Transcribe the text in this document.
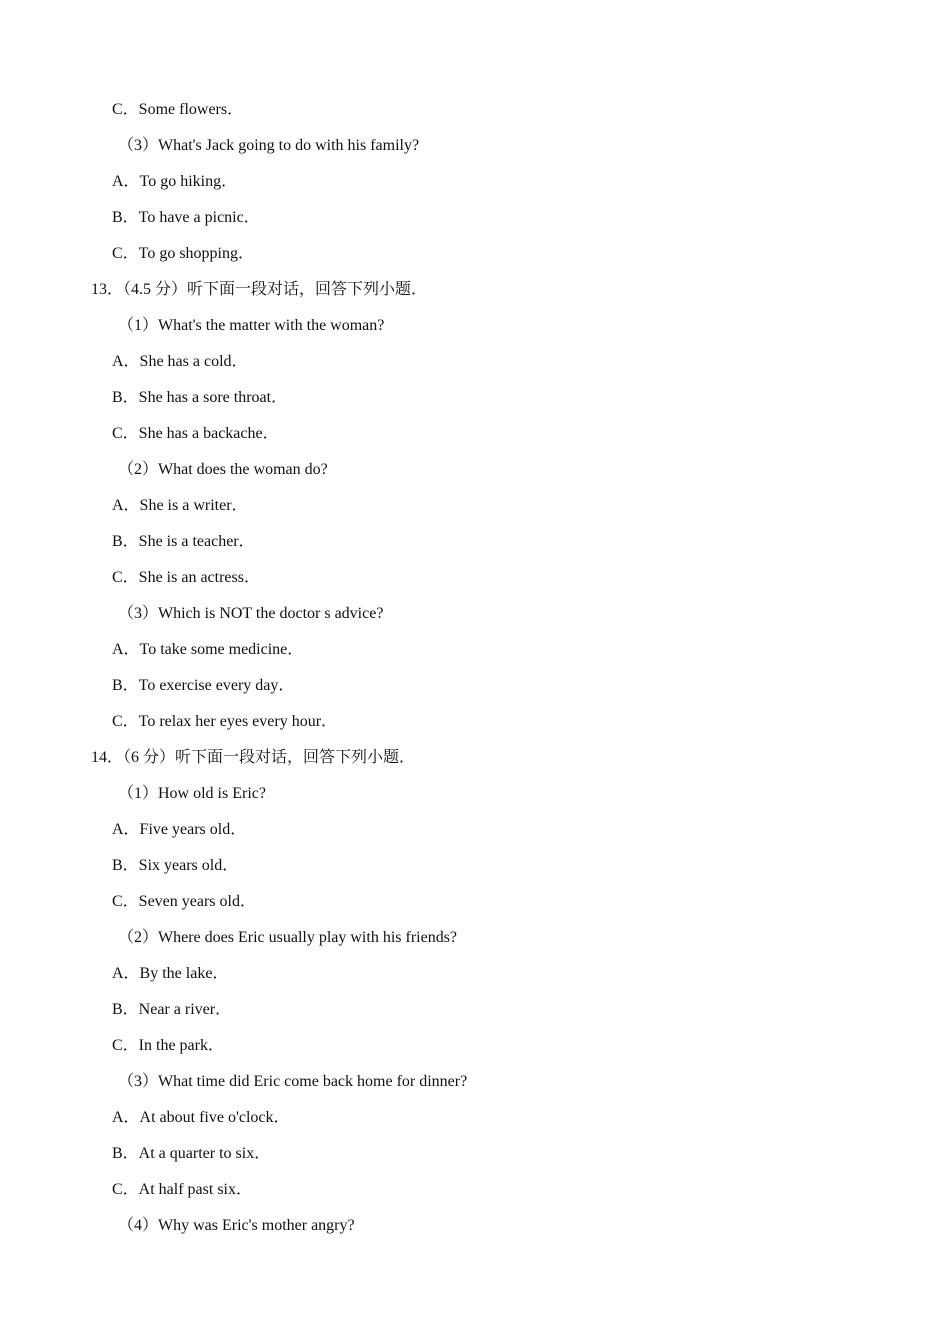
C．Some flowers．
（3）What's Jack going to do with his family?
A．To go hiking．
B．To have a picnic．
C．To go shopping．
13．（4.5 分）听下面一段对话，回答下列小题．
（1）What's the matter with the woman?
A．She has a cold．
B．She has a sore throat．
C．She has a backache．
（2）What does the woman do?
A．She is a writer．
B．She is a teacher．
C．She is an actress．
（3）Which is NOT the doctor s advice?
A．To take some medicine．
B．To exercise every day．
C．To relax her eyes every hour．
14．（6 分）听下面一段对话，回答下列小题．
（1）How old is Eric?
A．Five years old．
B．Six years old．
C．Seven years old．
（2）Where does Eric usually play with his friends?
A．By the lake．
B．Near a river．
C．In the park．
（3）What time did Eric come back home for dinner?
A．At about five o'clock．
B．At a quarter to six．
C．At half past six．
（4）Why was Eric's mother angry?
